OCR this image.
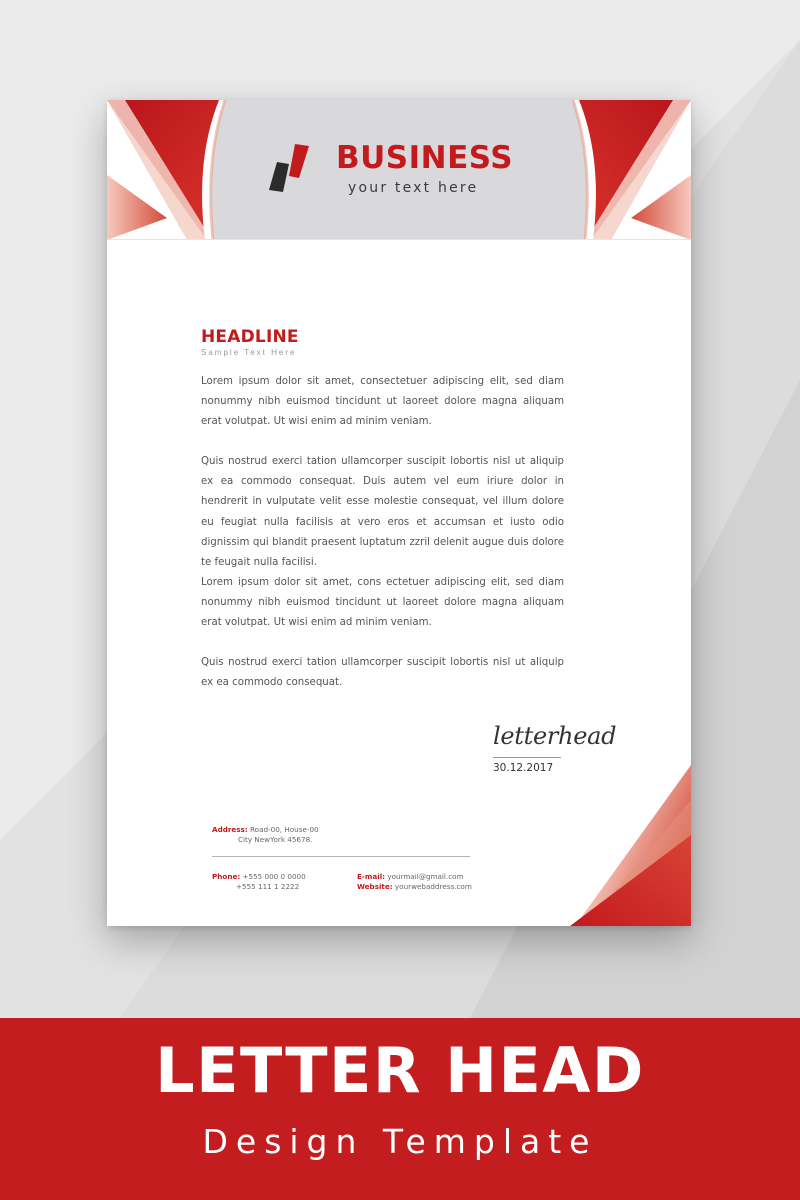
BUSINESS
your text here
HEADLINE
Sample Text Here

Lorem ipsum dolor sit amet, consectetuer adipiscing elit, sed diam nonummy nibh euismod tincidunt ut laoreet dolore magna aliquam erat volutpat. Ut wisi enim ad minim veniam.

Quis nostrud exerci tation ullamcorper suscipit lobortis nisl ut aliquip ex ea commodo consequat. Duis autem vel eum iriure dolor in hendrerit in vulputate velit esse molestie consequat, vel illum dolore eu feugiat nulla facilisis at vero eros et accumsan et iusto odio dignissim qui blandit praesent luptatum zzril delenit augue duis dolore te feugait nulla facilisi.

Lorem ipsum dolor sit amet, cons ectetuer adipiscing elit, sed diam nonummy nibh euismod tincidunt ut laoreet dolore magna aliquam erat volutpat. Ut wisi enim ad minim veniam.

Quis nostrud exerci tation ullamcorper suscipit lobortis nisl ut aliquip ex ea commodo consequat.

letterhead
30.12.2017
Address: Road-00, House-00
City NewYork 45678.
Phone: +555 000 0 0000
+555 111 1 2222
E-mail: yourmail@gmail.com
Website: yourwebaddress.com
LETTER HEAD
Design Template
